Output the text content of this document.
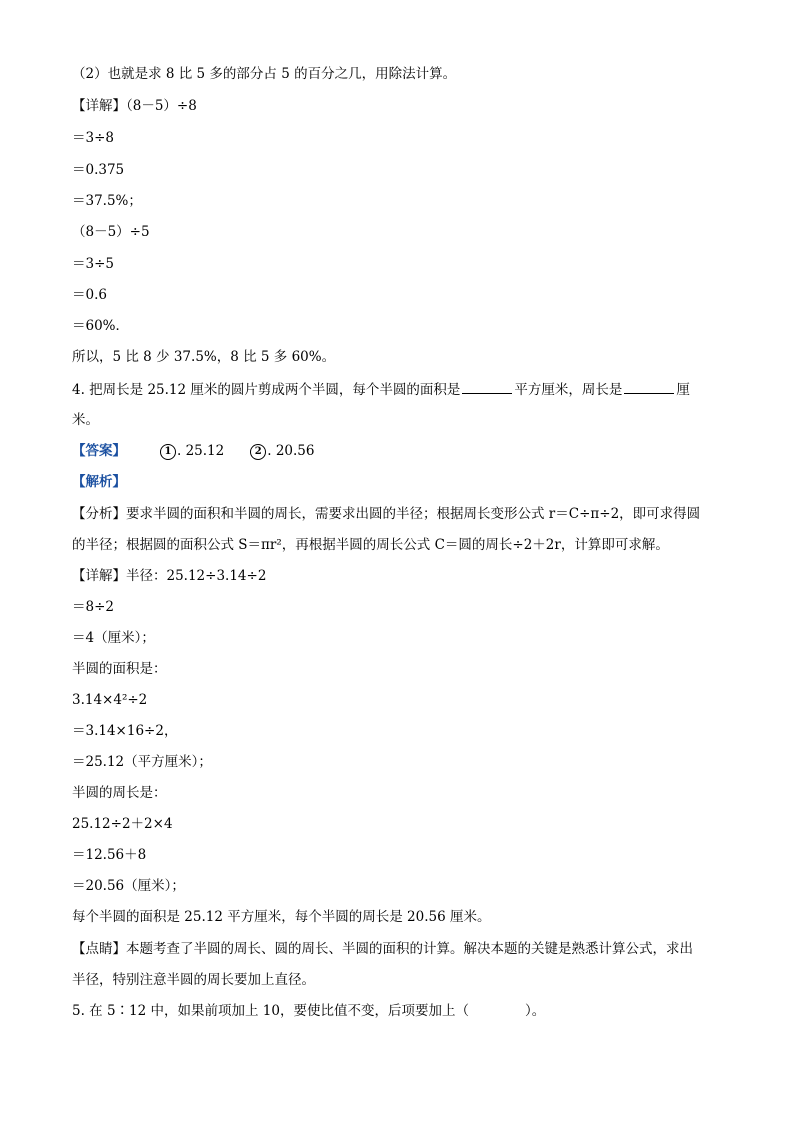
（2）也就是求 8 比 5 多的部分占 5 的百分之几，用除法计算。
【详解】（8－5）÷8
＝3÷8
＝0.375
＝37.5%；
（8－5）÷5
＝3÷5
＝0.6
＝60%．
所以，5 比 8 少 37.5%，8 比 5 多 60%。
4. 把周长是 25.12 厘米的圆片剪成两个半圆，每个半圆的面积是	平方厘米，周长是	厘
米。
【答案】	1 . 25.12	2 . 20.56
【解析】
【分析】要求半圆的面积和半圆的周长，需要求出圆的半径；根据周长变形公式 r＝C÷π÷2，即可求得圆
的半径；根据圆的面积公式 S＝πr²，再根据半圆的周长公式 C＝圆的周长÷2＋2r，计算即可求解。
【详解】半径：25.12÷3.14÷2
＝8÷2
＝4（厘米）；
半圆的面积是：
3.14×4²÷2
＝3.14×16÷2，
＝25.12（平方厘米）；
半圆的周长是：
25.12÷2＋2×4
＝12.56＋8
＝20.56（厘米）；
每个半圆的面积是 25.12 平方厘米，每个半圆的周长是 20.56 厘米。
【点睛】本题考查了半圆的周长、圆的周长、半圆的面积的计算。解决本题的关键是熟悉计算公式，求出
半径，特别注意半圆的周长要加上直径。
5. 在 5∶12 中，如果前项加上 10，要使比值不变，后项要加上（	）。
